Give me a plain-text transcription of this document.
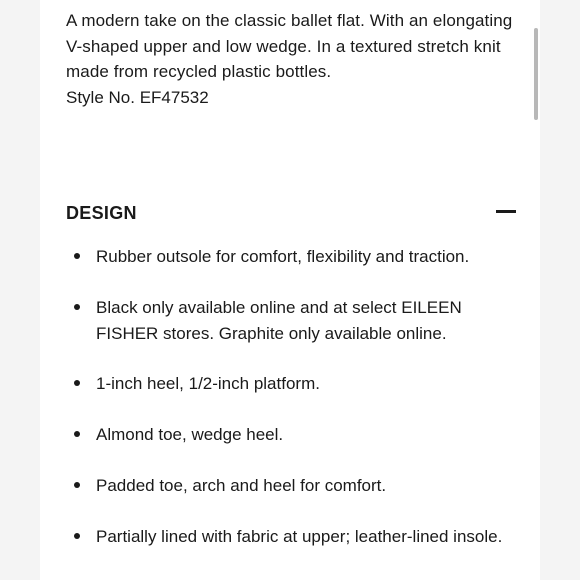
A modern take on the classic ballet flat. With an elongating V-shaped upper and low wedge. In a textured stretch knit made from recycled plastic bottles.

Style No. EF47532

DESIGN
Rubber outsole for comfort, flexibility and traction.
Black only available online and at select EILEEN FISHER stores. Graphite only available online.
1-inch heel, 1/2-inch platform.
Almond toe, wedge heel.
Padded toe, arch and heel for comfort.
Partially lined with fabric at upper; leather-lined insole.
